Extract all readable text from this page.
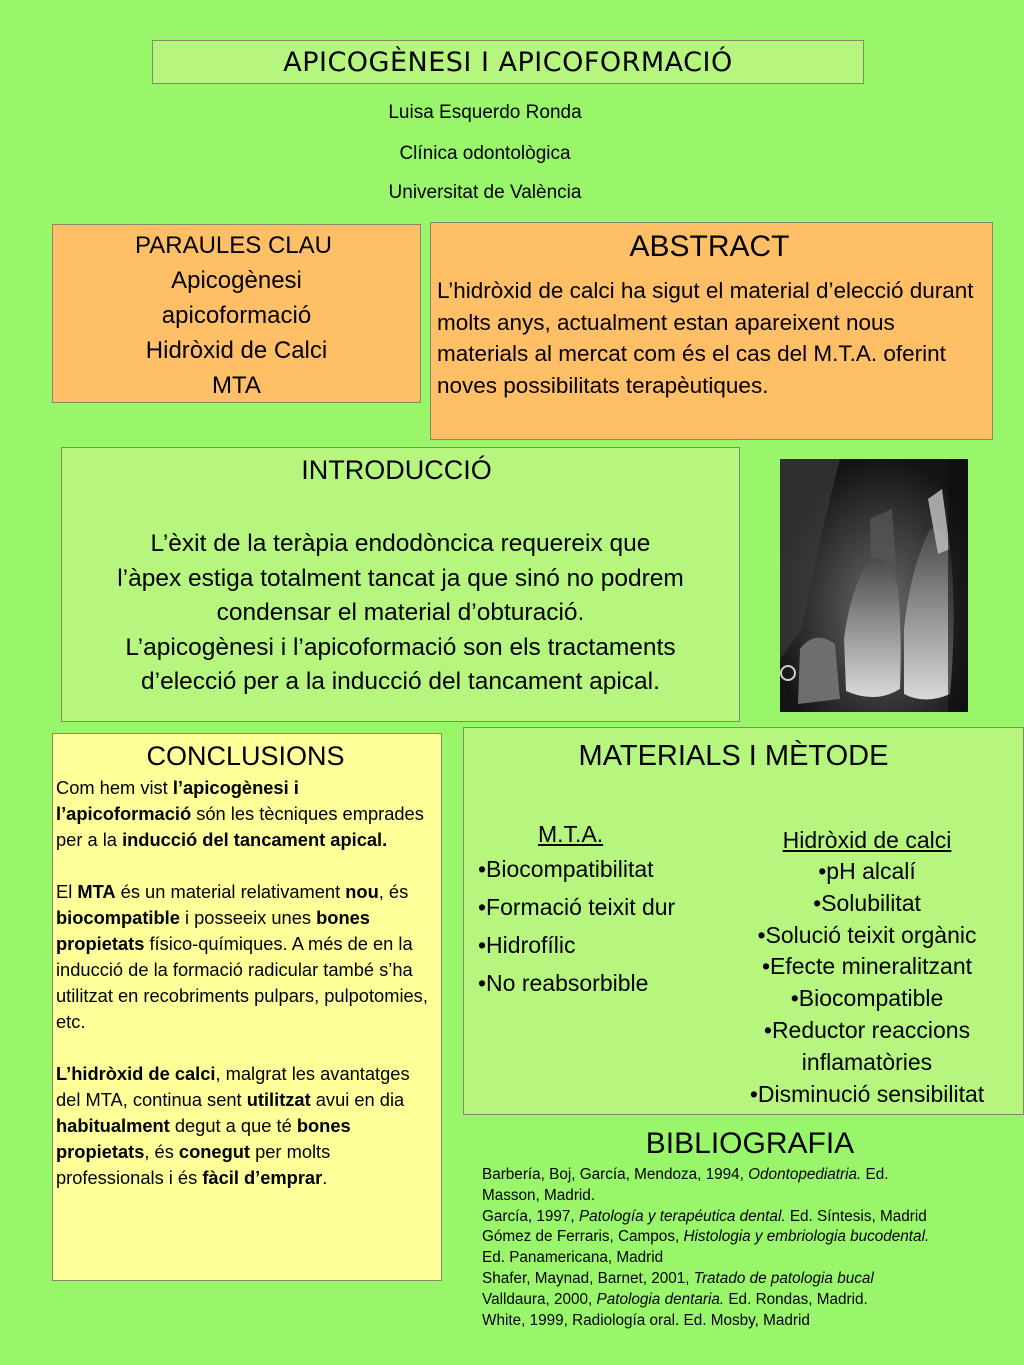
APICOGÈNESI I APICOFORMACIÓ
Luisa Esquerdo Ronda
Clínica odontològica
Universitat de València
PARAULES CLAU
Apicogènesi
apicoformació
Hidròxid de Calci
MTA
ABSTRACT
L’hidròxid de calci ha sigut el material d’elecció durant molts anys, actualment estan apareixent nous materials al mercat com és el cas del M.T.A. oferint noves possibilitats terapèutiques.
INTRODUCCIÓ
L’èxit de la teràpia endodòncica requereix que
l’àpex estiga totalment tancat ja que sinó no podrem
condensar el material d’obturació.
L’apicogènesi i l’apicoformació son els tractaments
d’elecció per a la inducció del tancament apical.
CONCLUSIONS

Com hem vist l’apicogènesi i l’apicoformació són les tècniques emprades per a la inducció del tancament apical.

El MTA és un material relativament nou, és biocompatible i posseeix unes bones propietats físico-químiques. A més de en la inducció de la formació radicular també s’ha utilitzat en recobriments pulpars, pulpotomies, etc.

L’hidròxid de calci, malgrat les avantatges del MTA, continua sent utilitzat avui en dia habitualment degut a que té bones propietats, és conegut per molts professionals i és fàcil d’emprar.

MATERIALS I MÈTODE
M.T.A.
•Biocompatibilitat
•Formació teixit dur
•Hidrofílic
•No reabsorbible
Hidròxid de calci
•pH alcalí
•Solubilitat
•Solució teixit orgànic
•Efecte mineralitzant
•Biocompatible
•Reductor reaccions
inflamatòries
•Disminució sensibilitat
BIBLIOGRAFIA
Barbería, Boj, García, Mendoza, 1994, Odontopediatria. Ed.
Masson, Madrid.
García, 1997, Patología y terapéutica dental. Ed. Síntesis, Madrid
Gómez de Ferraris, Campos, Histologia y embriologia bucodental.
Ed. Panamericana, Madrid
Shafer, Maynad, Barnet, 2001, Tratado de patologia bucal
Valldaura, 2000, Patologia dentaria. Ed. Rondas, Madrid.
White, 1999, Radiología oral. Ed. Mosby, Madrid
